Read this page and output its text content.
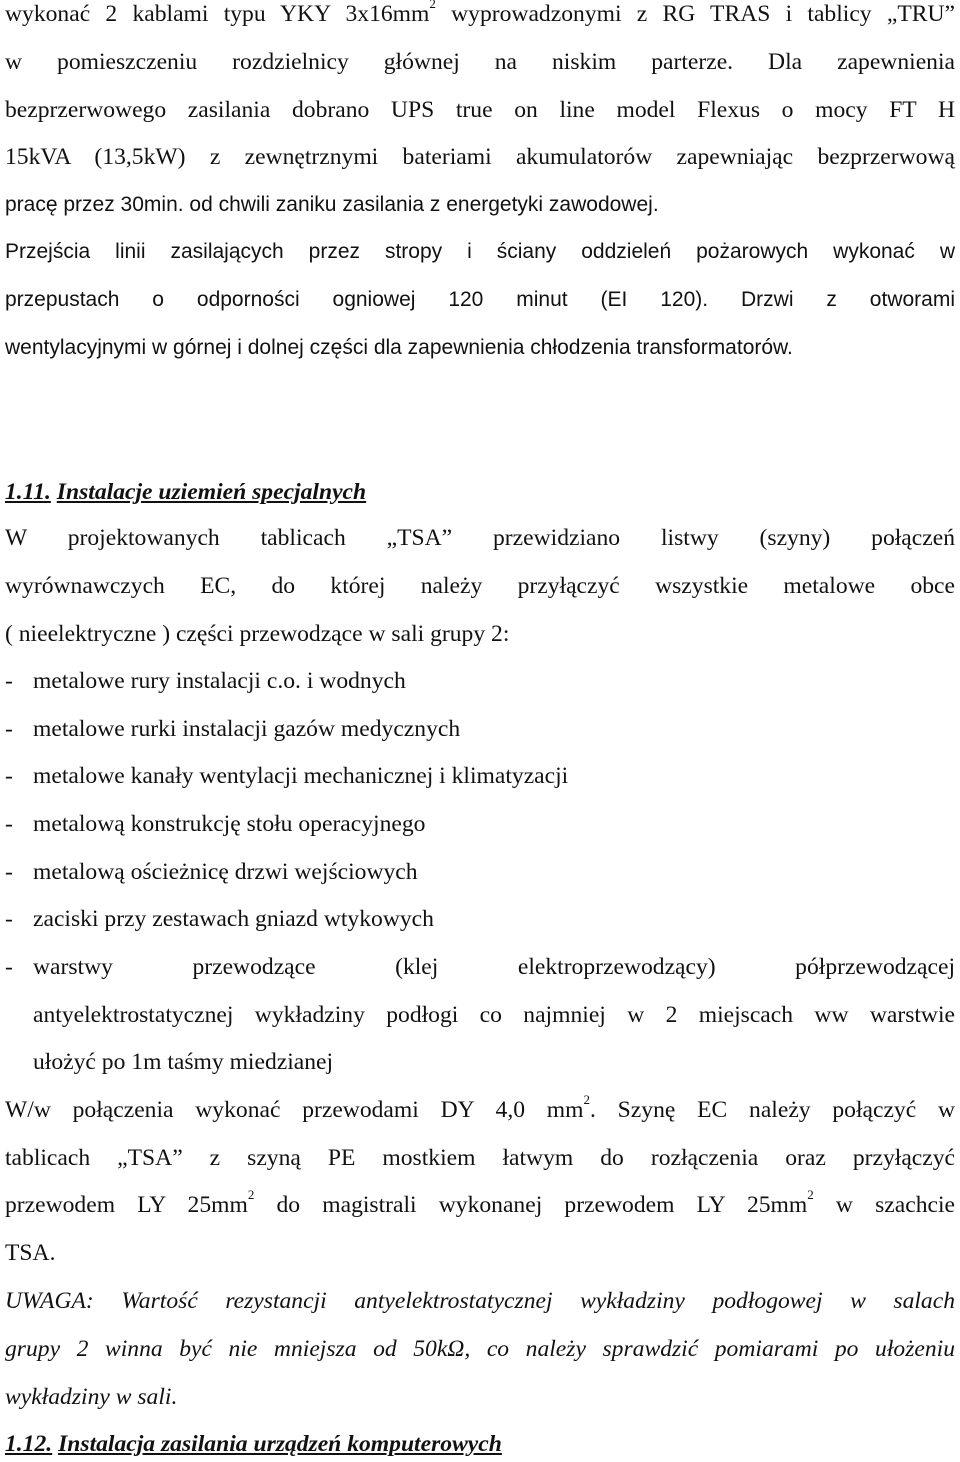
wykonać 2 kablami typu YKY $3x16mm^2$ wyprowadzonymi z RG TRAS i tablicy „TRU”
w pomieszczeniu rozdzielnicy głównej na niskim parterze. Dla zapewnienia
bezprzerwowego zasilania dobrano UPS true on line model Flexus o mocy FT H
15kVA (13,5kW) z zewnętrznymi bateriami akumulatorów zapewniając bezprzerwową
pracę przez 30min. od chwili zaniku zasilania z energetyki zawodowej.
Przejścia linii zasilających przez stropy i ściany oddzieleń pożarowych wykonać w
przepustach o odporności ogniowej 120 minut (EI 120). Drzwi z otworami
wentylacyjnymi w górnej i dolnej części dla zapewnienia chłodzenia transformatorów.
1.11. Instalacje uziemień specjalnych
W projektowanych tablicach „TSA” przewidziano listwy (szyny) połączeń
wyrównawczych EC, do której należy przyłączyć wszystkie metalowe obce
( nieelektryczne ) części przewodzące w sali grupy 2:
- metalowe rury instalacji c.o. i wodnych
- metalowe rurki instalacji gazów medycznych
- metalowe kanały wentylacji mechanicznej i klimatyzacji
- metalową konstrukcję stołu operacyjnego
- metalową ościeżnicę drzwi wejściowych
- zaciski przy zestawach gniazd wtykowych
- warstwy przewodzące (klej elektroprzewodzący) półprzewodzącej
antyelektrostatycznej wykładziny podłogi co najmniej w 2 miejscach ww warstwie
ułożyć po 1m taśmy miedzianej
W/w połączenia wykonać przewodami DY 4,0 $mm^2$. Szynę EC należy połączyć w
tablicach „TSA” z szyną PE mostkiem łatwym do rozłączenia oraz przyłączyć
przewodem LY $25mm^2$ do magistrali wykonanej przewodem LY $25mm^2$ w szachcie
TSA.
UWAGA: Wartość rezystancji antyelektrostatycznej wykładziny podłogowej w salach
grupy 2 winna być nie mniejsza od 50kΩ, co należy sprawdzić pomiarami po ułożeniu
wykładziny w sali.
1.12. Instalacja zasilania urządzeń komputerowych
